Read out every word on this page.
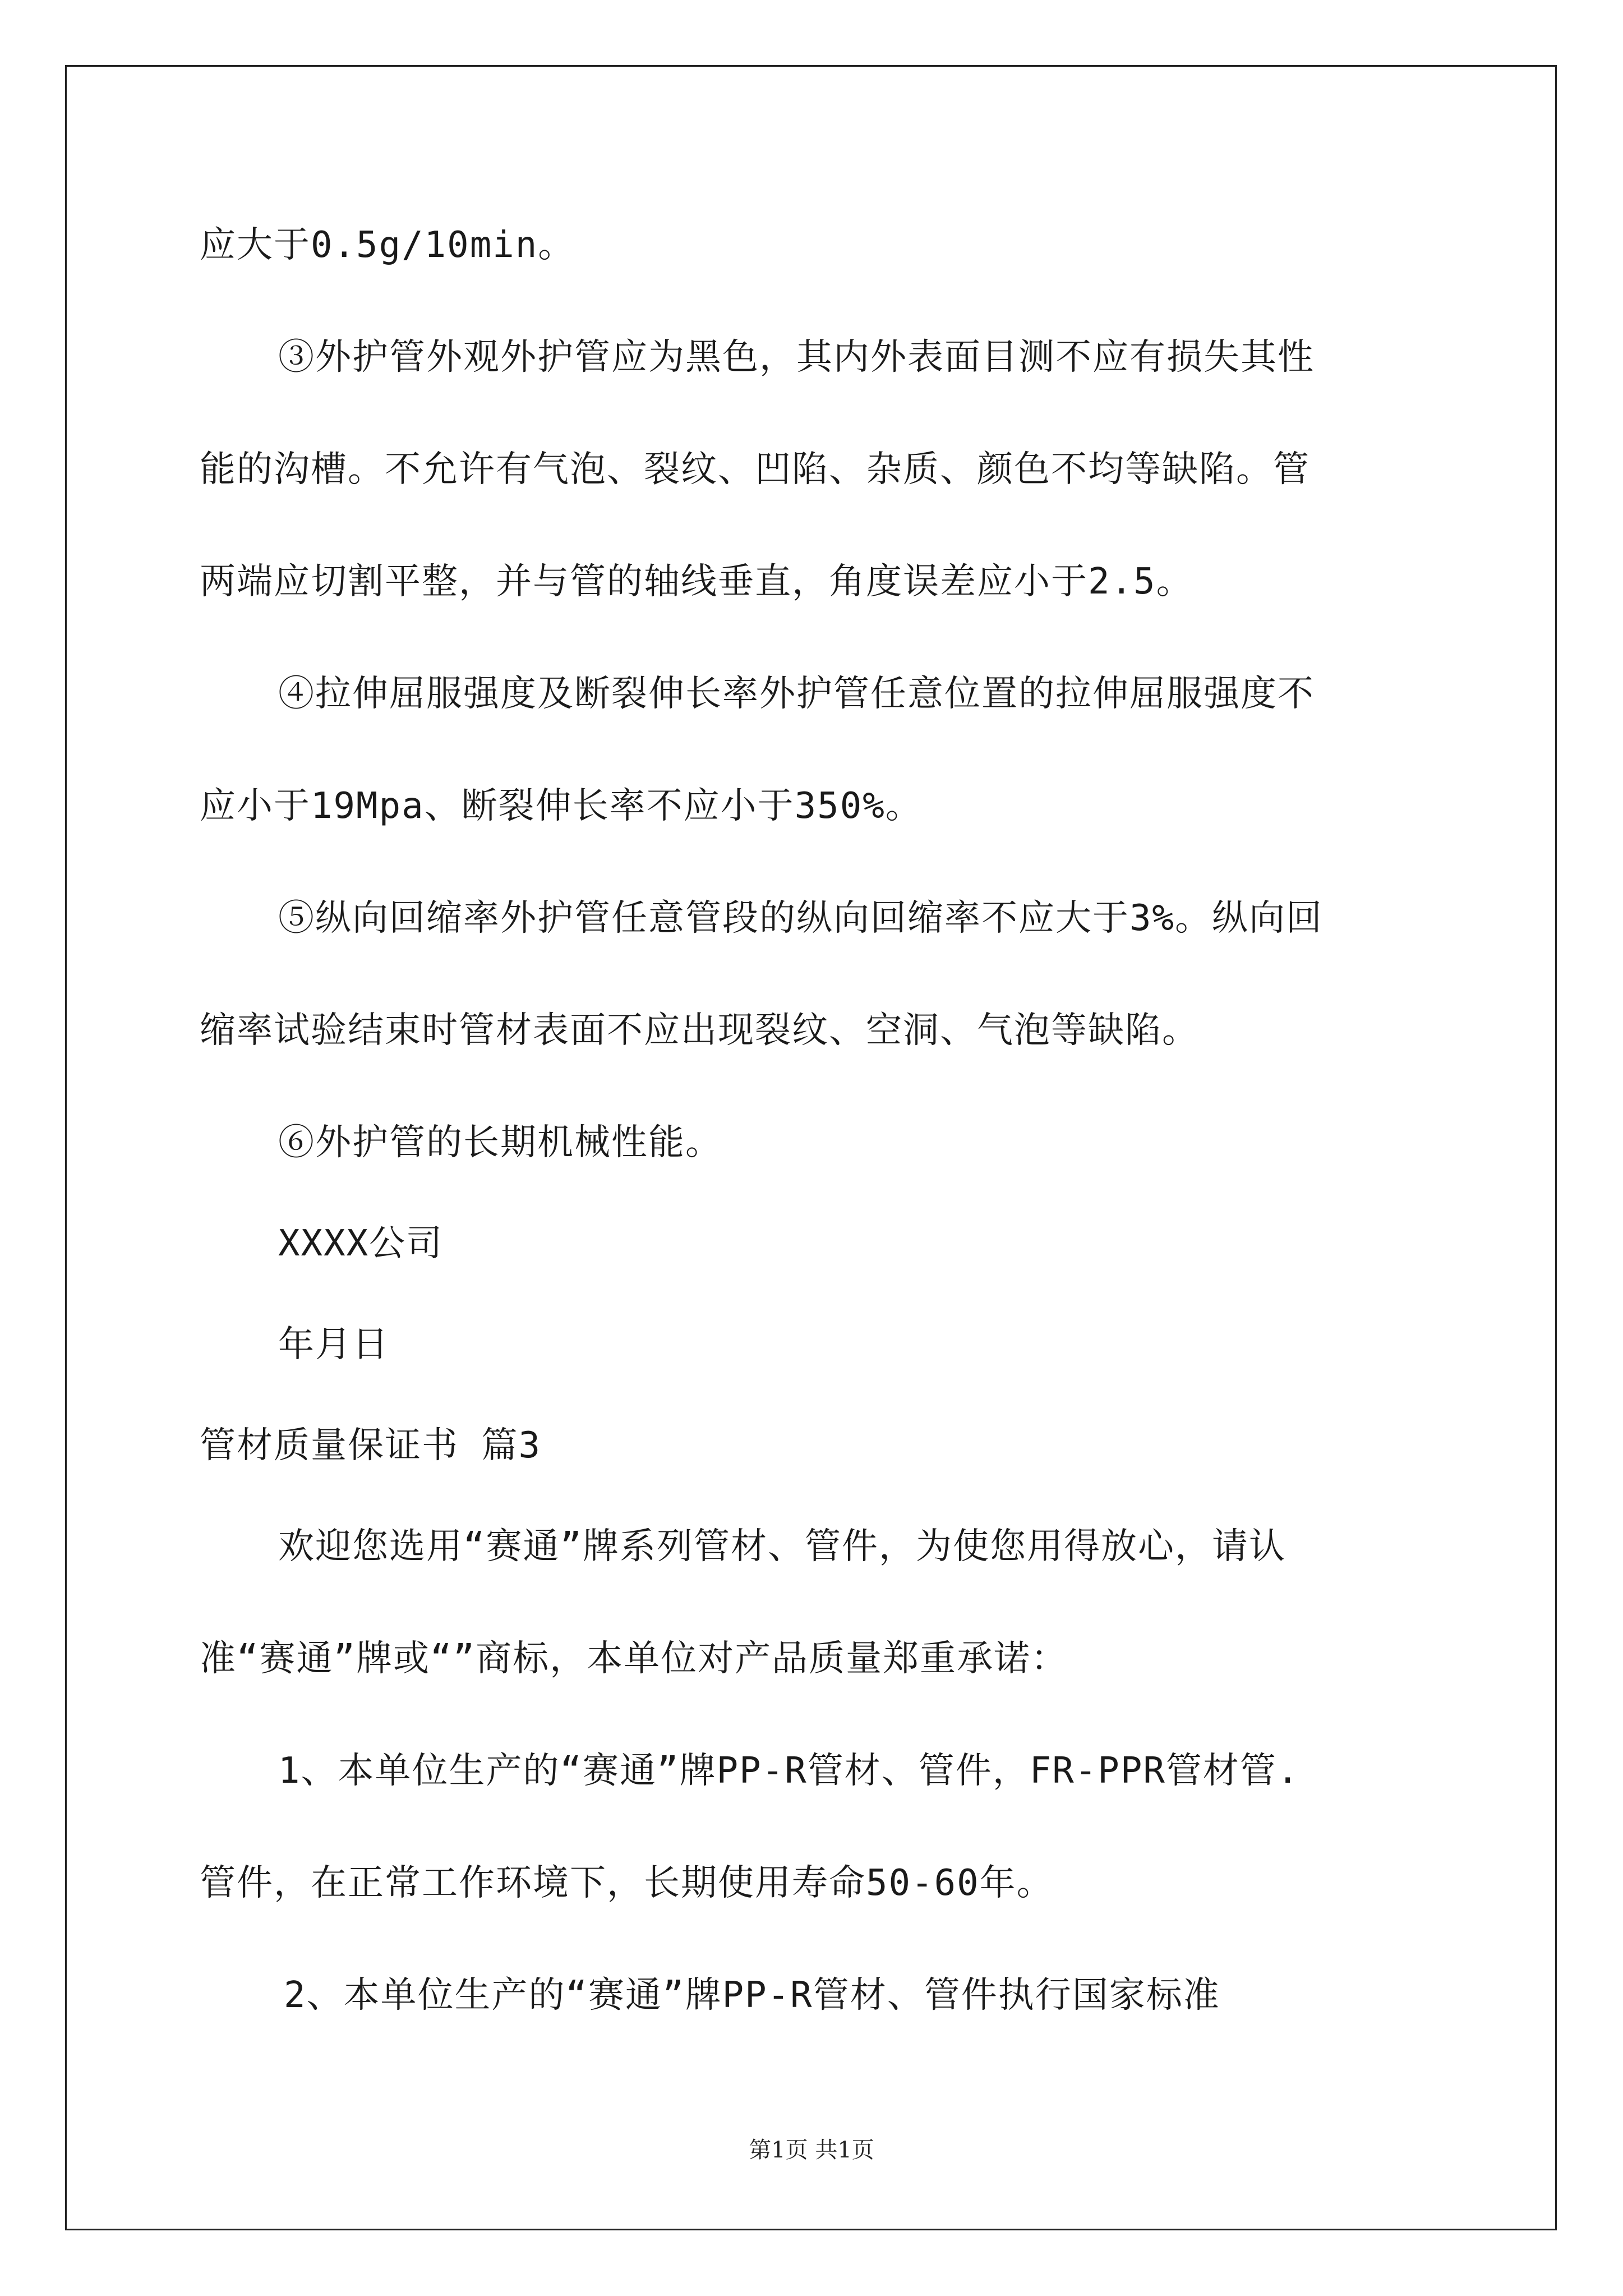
应大于0.5g/10min。
③外护管外观外护管应为黑色，其内外表面目测不应有损失其性
能的沟槽。不允许有气泡、裂纹、凹陷、杂质、颜色不均等缺陷。管
两端应切割平整，并与管的轴线垂直，角度误差应小于2.5。
④拉伸屈服强度及断裂伸长率外护管任意位置的拉伸屈服强度不
应小于19Mpa、断裂伸长率不应小于350%。
⑤纵向回缩率外护管任意管段的纵向回缩率不应大于3%。纵向回
缩率试验结束时管材表面不应出现裂纹、空洞、气泡等缺陷。
⑥外护管的长期机械性能。
XXXX公司
年月日
管材质量保证书 篇3
欢迎您选用“赛通”牌系列管材、管件，为使您用得放心，请认
准“赛通”牌或“”商标，本单位对产品质量郑重承诺：
1、本单位生产的“赛通”牌PP-R管材、管件，FR-PPR管材管.
管件，在正常工作环境下，长期使用寿命50-60年。
2、本单位生产的“赛通”牌PP-R管材、管件执行国家标准
第1页 共1页
